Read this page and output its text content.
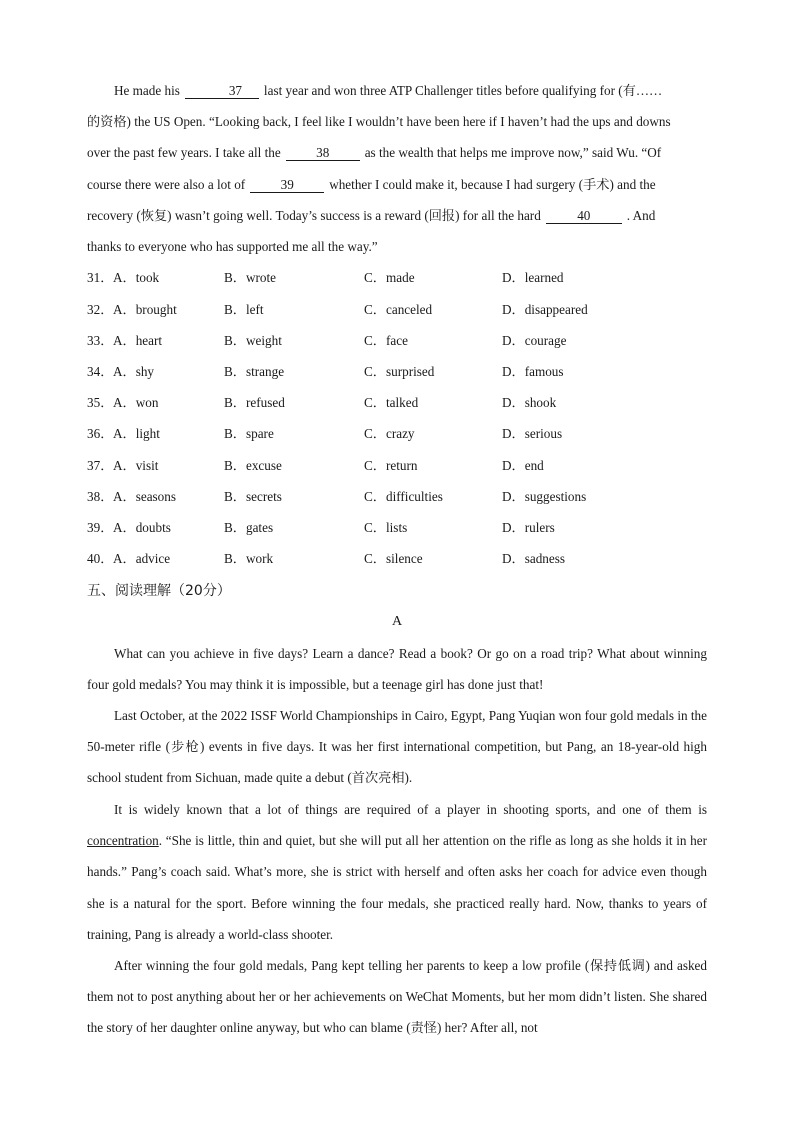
He made his	37 last year and won three ATP Challenger titles before qualifying for (有……
的资格) the US Open. “Looking back, I feel like I wouldn’t have been here if I haven’t had the ups and downs
over the past few years. I take all the	38	as the wealth that helps me improve now,” said Wu. “Of
course there were also a lot of	39	whether I could make it, because I had surgery (手术) and the
recovery (恢复) wasn’t going well. Today’s success is a reward (回报) for all the hard	40	. And
thanks to everyone who has supported me all the way.”
31． A．took	B．wrote	C．made	D．learned
32． A．brought	B．left	C．canceled	D．disappeared
33． A．heart	B．weight	C．face	D．courage
34． A．shy	B．strange	C．surprised	D．famous
35． A．won	B．refused	C．talked	D．shook
36． A．light	B．spare	C．crazy	D．serious
37． A．visit	B．excuse	C．return	D．end
38． A．seasons	B．secrets	C．difficulties	D．suggestions
39． A．doubts	B．gates	C．lists	D．rulers
40． A．advice	B．work	C．silence	D．sadness
五、阅读理解（20分）
A
What can you achieve in five days? Learn a dance? Read a book? Or go on a road trip? What about winning four gold medals? You may think it is impossible, but a teenage girl has done just that!
Last October, at the 2022 ISSF World Championships in Cairo, Egypt, Pang Yuqian won four gold medals in the 50-meter rifle (步枪) events in five days. It was her first international competition, but Pang, an 18-year-old high school student from Sichuan, made quite a debut (首次亮相).
It is widely known that a lot of things are required of a player in shooting sports, and one of them is concentration. “She is little, thin and quiet, but she will put all her attention on the rifle as long as she holds it in her hands.” Pang’s coach said. What’s more, she is strict with herself and often asks her coach for advice even though she is a natural for the sport. Before winning the four medals, she practiced really hard. Now, thanks to years of training, Pang is already a world-class shooter.
After winning the four gold medals, Pang kept telling her parents to keep a low profile (保持低调) and asked them not to post anything about her or her achievements on WeChat Moments, but her mom didn’t listen. She shared the story of her daughter online anyway, but who can blame (责怪) her? After all, not
